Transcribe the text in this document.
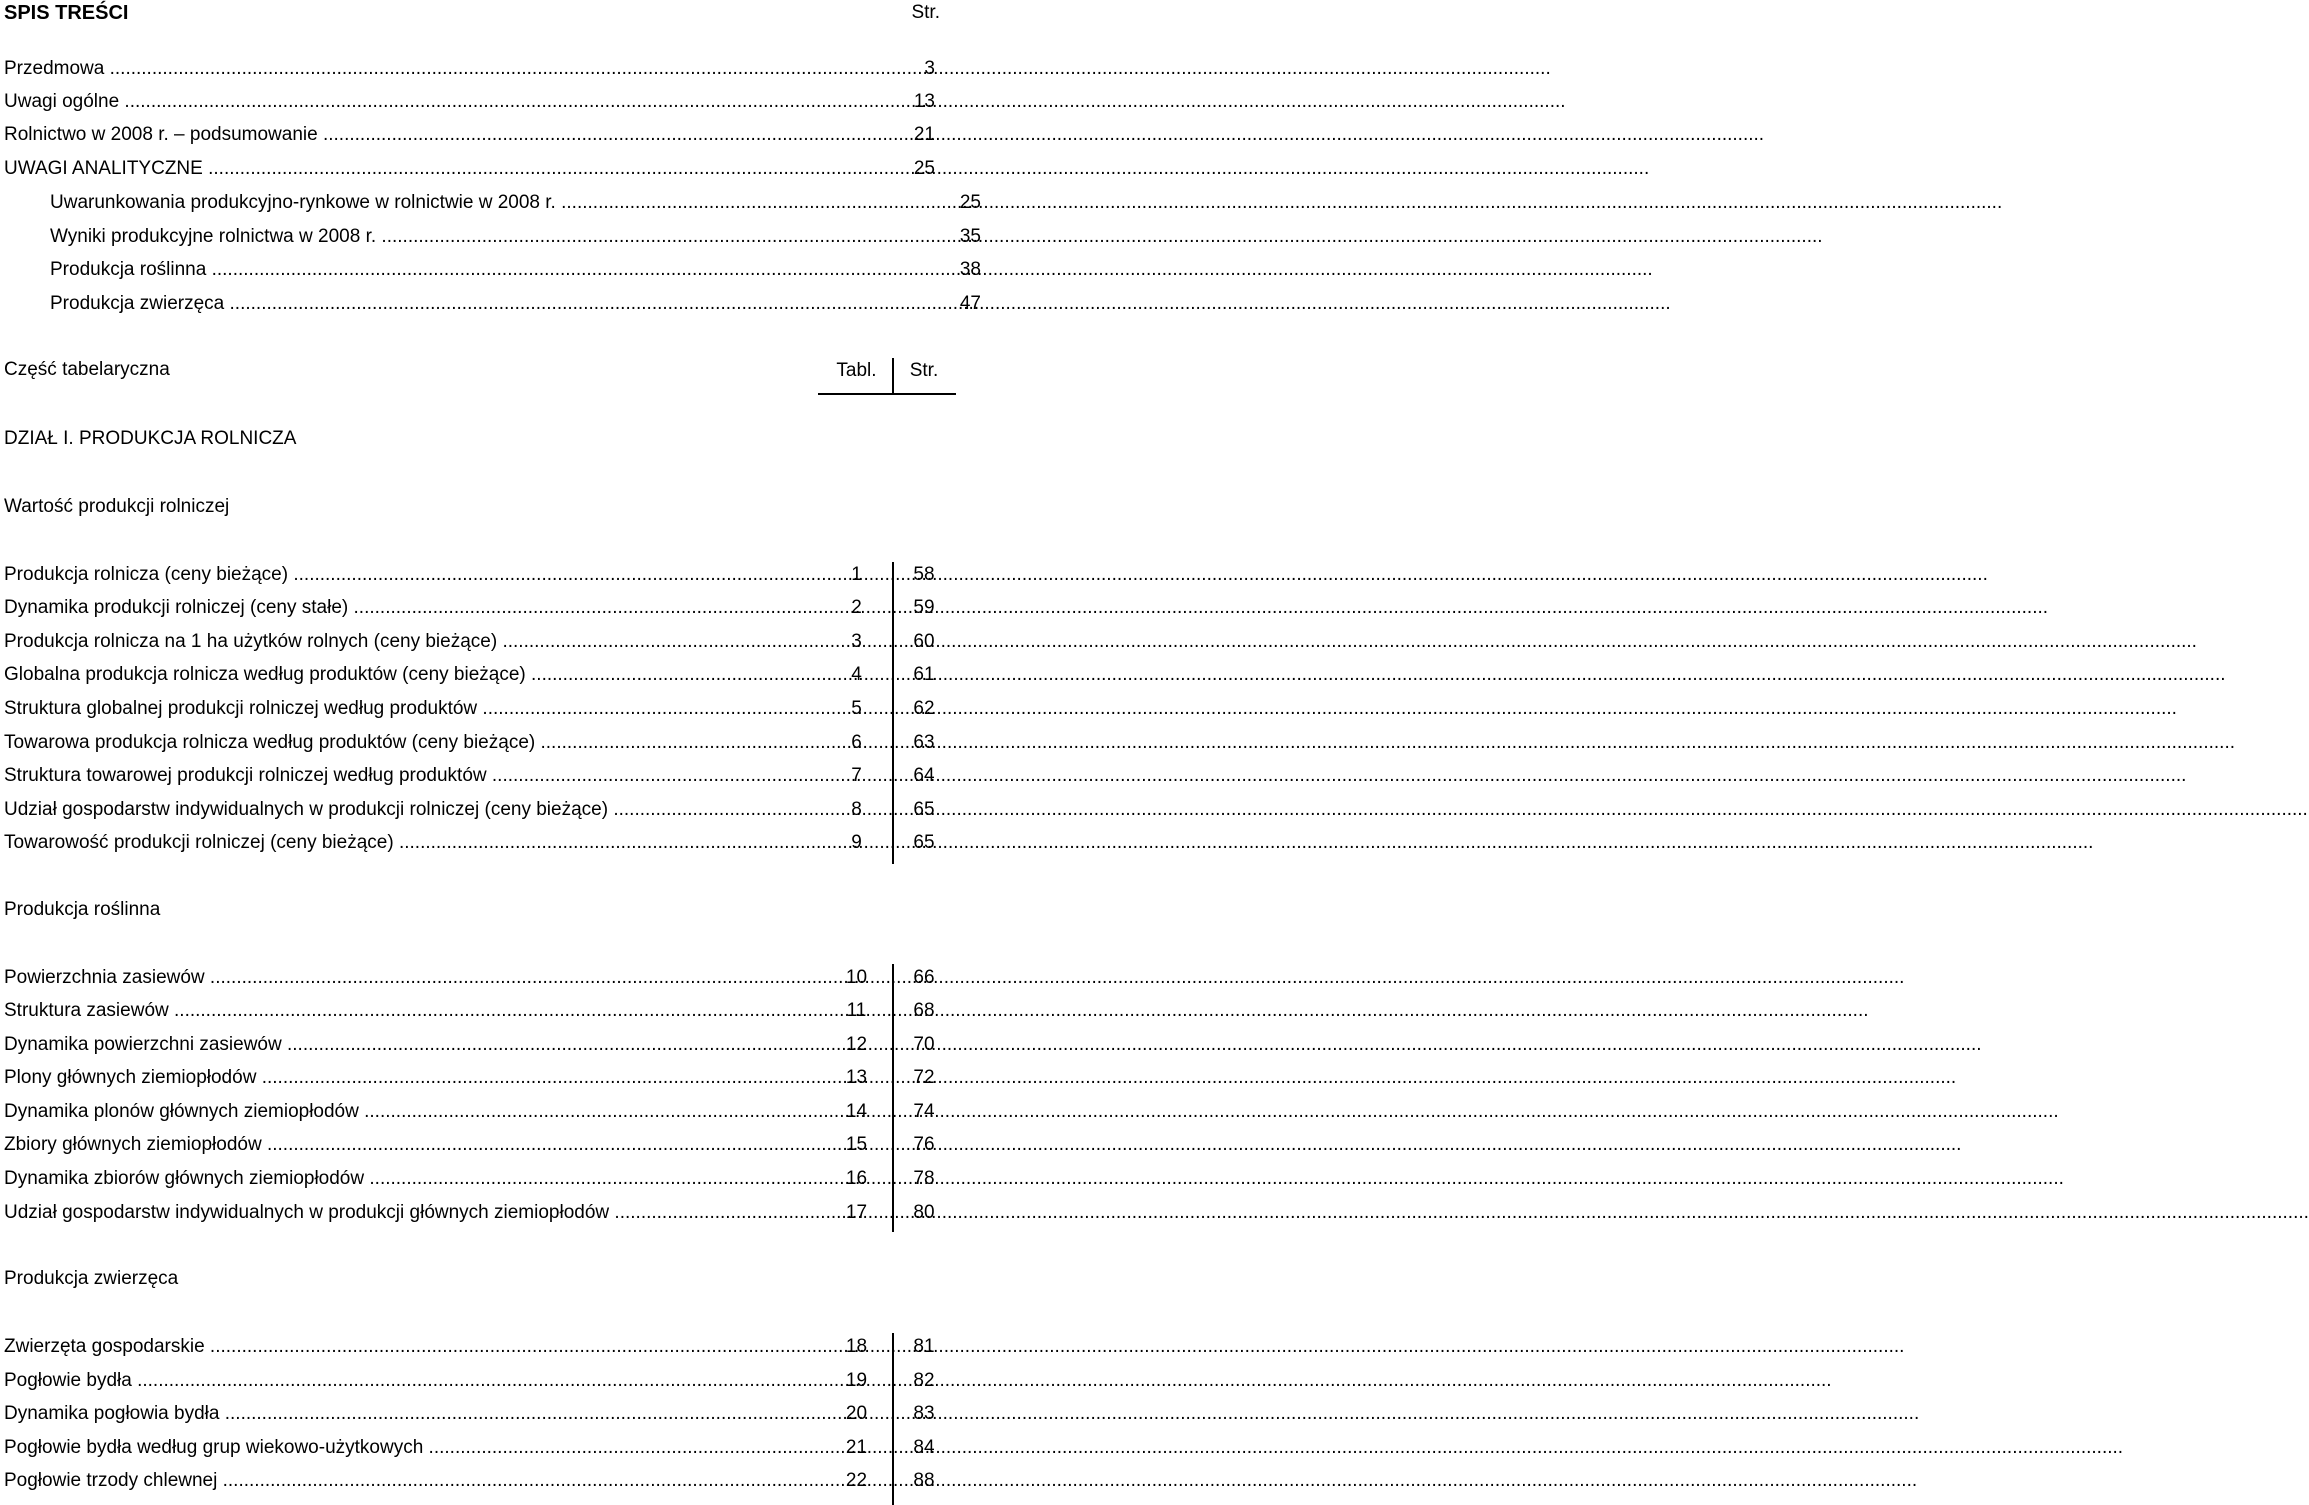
SPIS TREŚCI	Str.
Przedmowa .....	3
Uwagi ogólne .....	13
Rolnictwo w 2008 r. – podsumowanie .....	21
UWAGI ANALITYCZNE .....	25
Uwarunkowania produkcyjno-rynkowe w rolnictwie w 2008 r. .....	25
Wyniki produkcyjne rolnictwa w 2008 r. .....	35
Produkcja roślinna .....	38
Produkcja zwierzęca .....	47
Część tabelaryczna	Tabl.	Str.
DZIAŁ I. PRODUKCJA ROLNICZA
Wartość produkcji rolniczej
Produkcja rolnicza (ceny bieżące) .....	1	58
Dynamika produkcji rolniczej (ceny stałe) .....	2	59
Produkcja rolnicza na 1 ha użytków rolnych (ceny bieżące) .....	3	60
Globalna produkcja rolnicza według produktów (ceny bieżące) .....	4	61
Struktura globalnej produkcji rolniczej według produktów .....	5	62
Towarowa produkcja rolnicza według produktów (ceny bieżące) .....	6	63
Struktura towarowej produkcji rolniczej według produktów .....	7	64
Udział gospodarstw indywidualnych w produkcji rolniczej (ceny bieżące) .....	8	65
Towarowość produkcji rolniczej (ceny bieżące) .....	9	65
Produkcja roślinna
Powierzchnia zasiewów .....	10	66
Struktura zasiewów .....	11	68
Dynamika powierzchni zasiewów .....	12	70
Plony głównych ziemiopłodów .....	13	72
Dynamika plonów głównych ziemiopłodów .....	14	74
Zbiory głównych ziemiopłodów .....	15	76
Dynamika zbiorów głównych ziemiopłodów .....	16	78
Udział gospodarstw indywidualnych w produkcji głównych ziemiopłodów .....	17	80
Produkcja zwierzęca
Zwierzęta gospodarskie .....	18	81
Pogłowie bydła .....	19	82
Dynamika pogłowia bydła .....	20	83
Pogłowie bydła według grup wiekowo-użytkowych .....	21	84
Pogłowie trzody chlewnej .....	22	88
